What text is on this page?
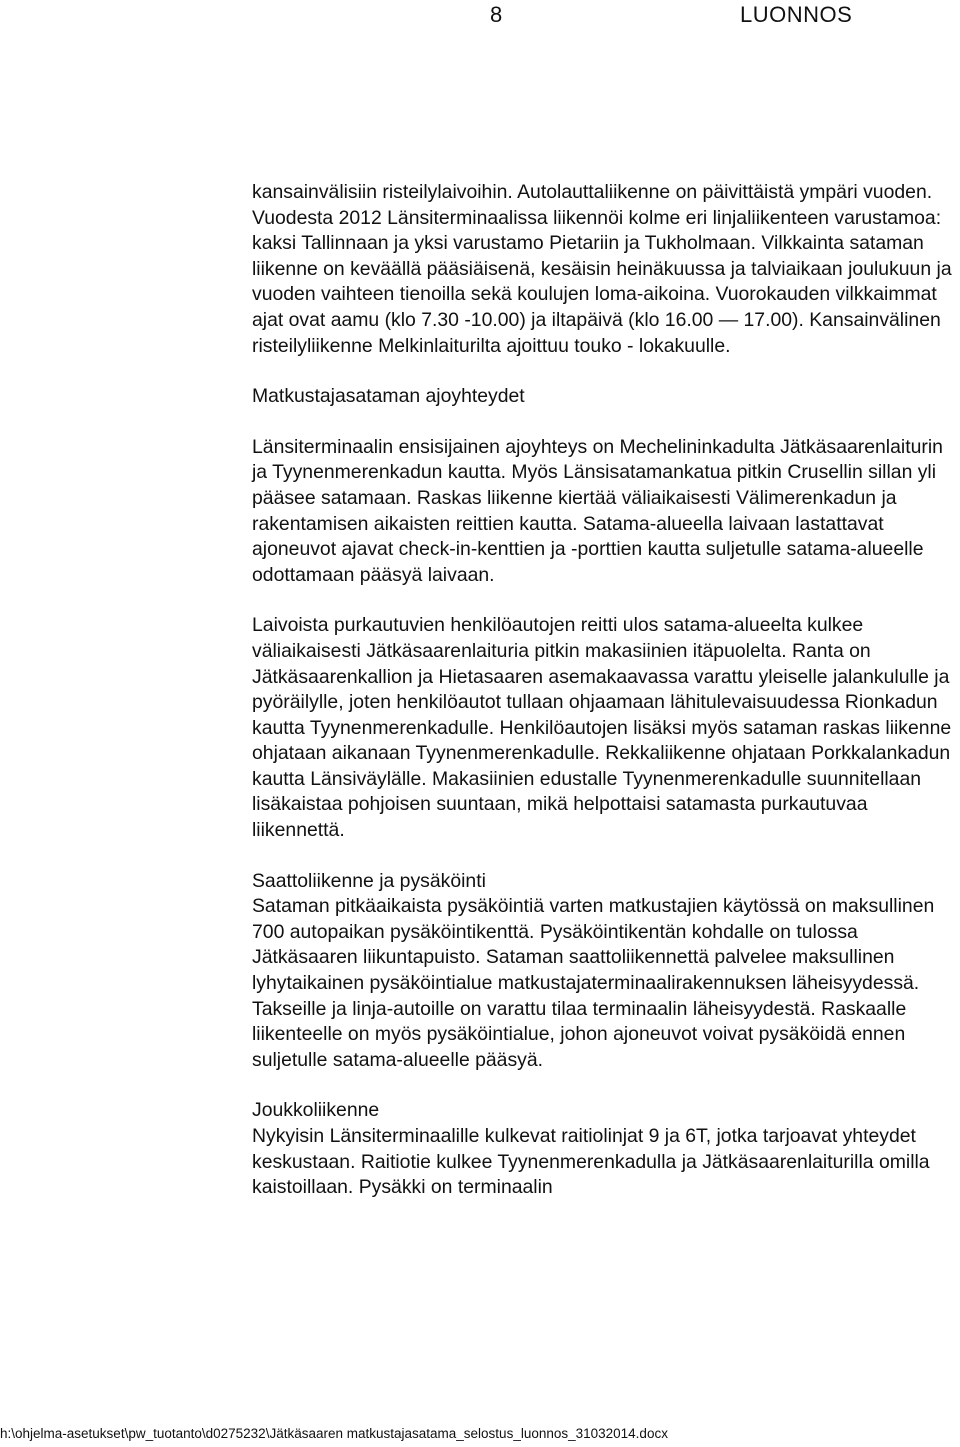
8	LUONNOS

kansainvälisiin risteilylaivoihin. Autolauttaliikenne on päivittäistä ympäri vuoden. Vuodesta 2012 Länsiterminaalissa liikennöi kolme eri linjaliikenteen varustamoa: kaksi Tallinnaan ja yksi varustamo Pietariin ja Tukholmaan. Vilkkainta sataman liikenne on keväällä pääsiäisenä, kesäisin heinäkuussa ja talviaikaan joulukuun ja vuoden vaihteen tienoilla sekä koulujen loma-aikoina. Vuorokauden vilkkaimmat ajat ovat aamu (klo 7.30 -10.00) ja iltapäivä (klo 16.00 — 17.00). Kansainvälinen risteilyliikenne Melkinlaiturilta ajoittuu touko - lokakuulle.

Matkustajasataman ajoyhteydet

Länsiterminaalin ensisijainen ajoyhteys on Mechelininkadulta Jätkäsaarenlaiturin ja Tyynenmerenkadun kautta. Myös Länsisatamankatua pitkin Crusellin sillan yli pääsee satamaan. Raskas liikenne kiertää väliaikaisesti Välimerenkadun ja rakentamisen aikaisten reittien kautta. Satama-alueella laivaan lastattavat ajoneuvot ajavat check-in-kenttien ja -porttien kautta suljetulle satama-alueelle odottamaan pääsyä laivaan.

Laivoista purkautuvien henkilöautojen reitti ulos satama-alueelta kulkee väliaikaisesti Jätkäsaarenlaituria pitkin makasiinien itäpuolelta. Ranta on Jätkäsaarenkallion ja Hietasaaren asemakaavassa varattu yleiselle jalankululle ja pyöräilylle, joten henkilöautot tullaan ohjaamaan lähitulevaisuudessa Rionkadun kautta Tyynenmerenkadulle. Henkilöautojen lisäksi myös sataman raskas liikenne ohjataan aikanaan Tyynenmerenkadulle. Rekkaliikenne ohjataan Porkkalankadun kautta Länsiväylälle. Makasiinien edustalle Tyynenmerenkadulle suunnitellaan lisäkaistaa pohjoisen suuntaan, mikä helpottaisi satamasta purkautuvaa liikennettä.

Saattoliikenne ja pysäköinti

Sataman pitkäaikaista pysäköintiä varten matkustajien käytössä on maksullinen 700 autopaikan pysäköintikenttä. Pysäköintikentän kohdalle on tulossa Jätkäsaaren liikuntapuisto. Sataman saattoliikennettä palvelee maksullinen lyhytaikainen pysäköintialue matkustajaterminaalirakennuksen läheisyydessä. Takseille ja linja-autoille on varattu tilaa terminaalin läheisyydestä. Raskaalle liikenteelle on myös pysäköintialue, johon ajoneuvot voivat pysäköidä ennen suljetulle satama-alueelle pääsyä.

Joukkoliikenne

Nykyisin Länsiterminaalille kulkevat raitiolinjat 9 ja 6T, jotka tarjoavat yhteydet keskustaan. Raitiotie kulkee Tyynenmerenkadulla ja Jätkäsaarenlaiturilla omilla kaistoillaan. Pysäkki on terminaalin

h:\ohjelma-asetukset\pw_tuotanto\d0275232\Jätkäsaaren matkustajasatama_selostus_luonnos_31032014.docx
